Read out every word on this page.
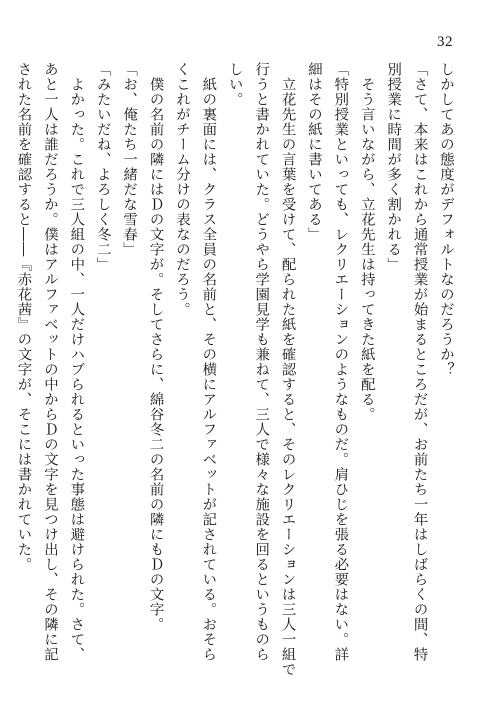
32
しかしてあの態度がデフォルトなのだろうか？
「さて、本来はこれから通常授業が始まるところだが、お前たち一年はしばらくの間、特
別授業に時間が多く割かれる」
　そう言いながら、立花先生は持ってきた紙を配る。
「特別授業といっても、レクリエーションのようなものだ。肩ひじを張る必要はない。詳
細はその紙に書いてある」
　立花先生の言葉を受けて、配られた紙を確認すると、そのレクリエーションは三人一組で
行うと書かれていた。どうやら学園見学も兼ねて、三人で様々な施設を回るというものら
しい。
　紙の裏面には、クラス全員の名前と、その横にアルファベットが記されている。おそら
くこれがチーム分けの表なのだろう。
　僕の名前の隣にはＤの文字が。そしてさらに、綿谷冬二の名前の隣にもＤの文字。
「お、俺たち一緒だな雪春」
「みたいだね、よろしく冬二」
　よかった。これで三人組の中、一人だけハブられるといった事態は避けられた。さて、
あと一人は誰だろうか。僕はアルファベットの中からＤの文字を見つけ出し、その隣に記
された名前を確認すると――『赤花茜』の文字が、そこには書かれていた。
